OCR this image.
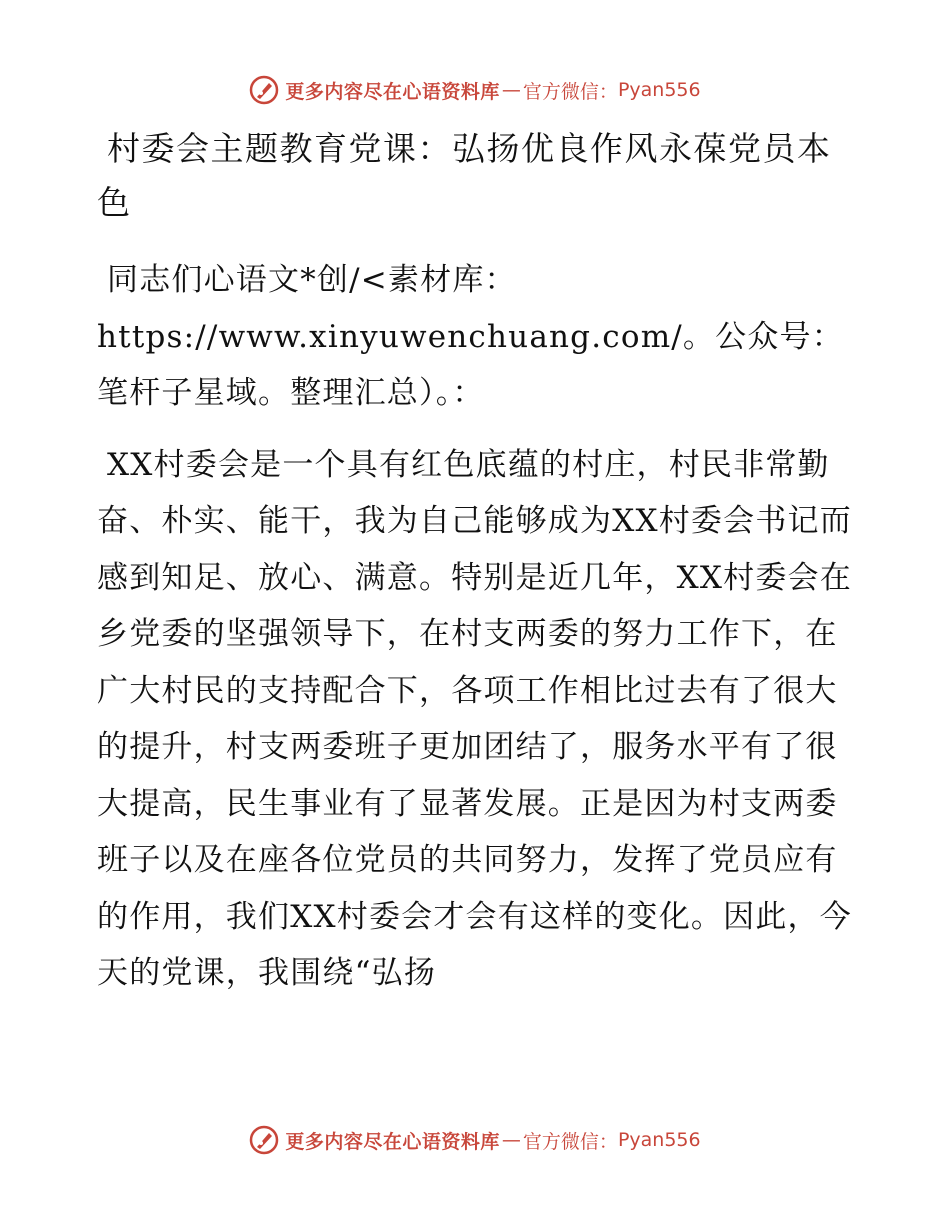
更多内容尽在心语资料库 — 官方微信： Pyan556
村委会主题教育党课：弘扬优良作风永葆党员本色

同志们心语文*创/<素材库：https://www.xinyuwenchuang.com/。公众号：笔杆子星域。整理汇总）。：

XX村委会是一个具有红色底蕴的村庄，村民非常勤奋、朴实、能干，我为自己能够成为XX村委会书记而感到知足、放心、满意。特别是近几年，XX村委会在乡党委的坚强领导下，在村支两委的努力工作下，在广大村民的支持配合下，各项工作相比过去有了很大的提升，村支两委班子更加团结了，服务水平有了很大提高，民生事业有了显著发展。正是因为村支两委班子以及在座各位党员的共同努力，发挥了党员应有的作用，我们XX村委会才会有这样的变化。因此，今天的党课，我围绕“弘扬

更多内容尽在心语资料库 — 官方微信： Pyan556
